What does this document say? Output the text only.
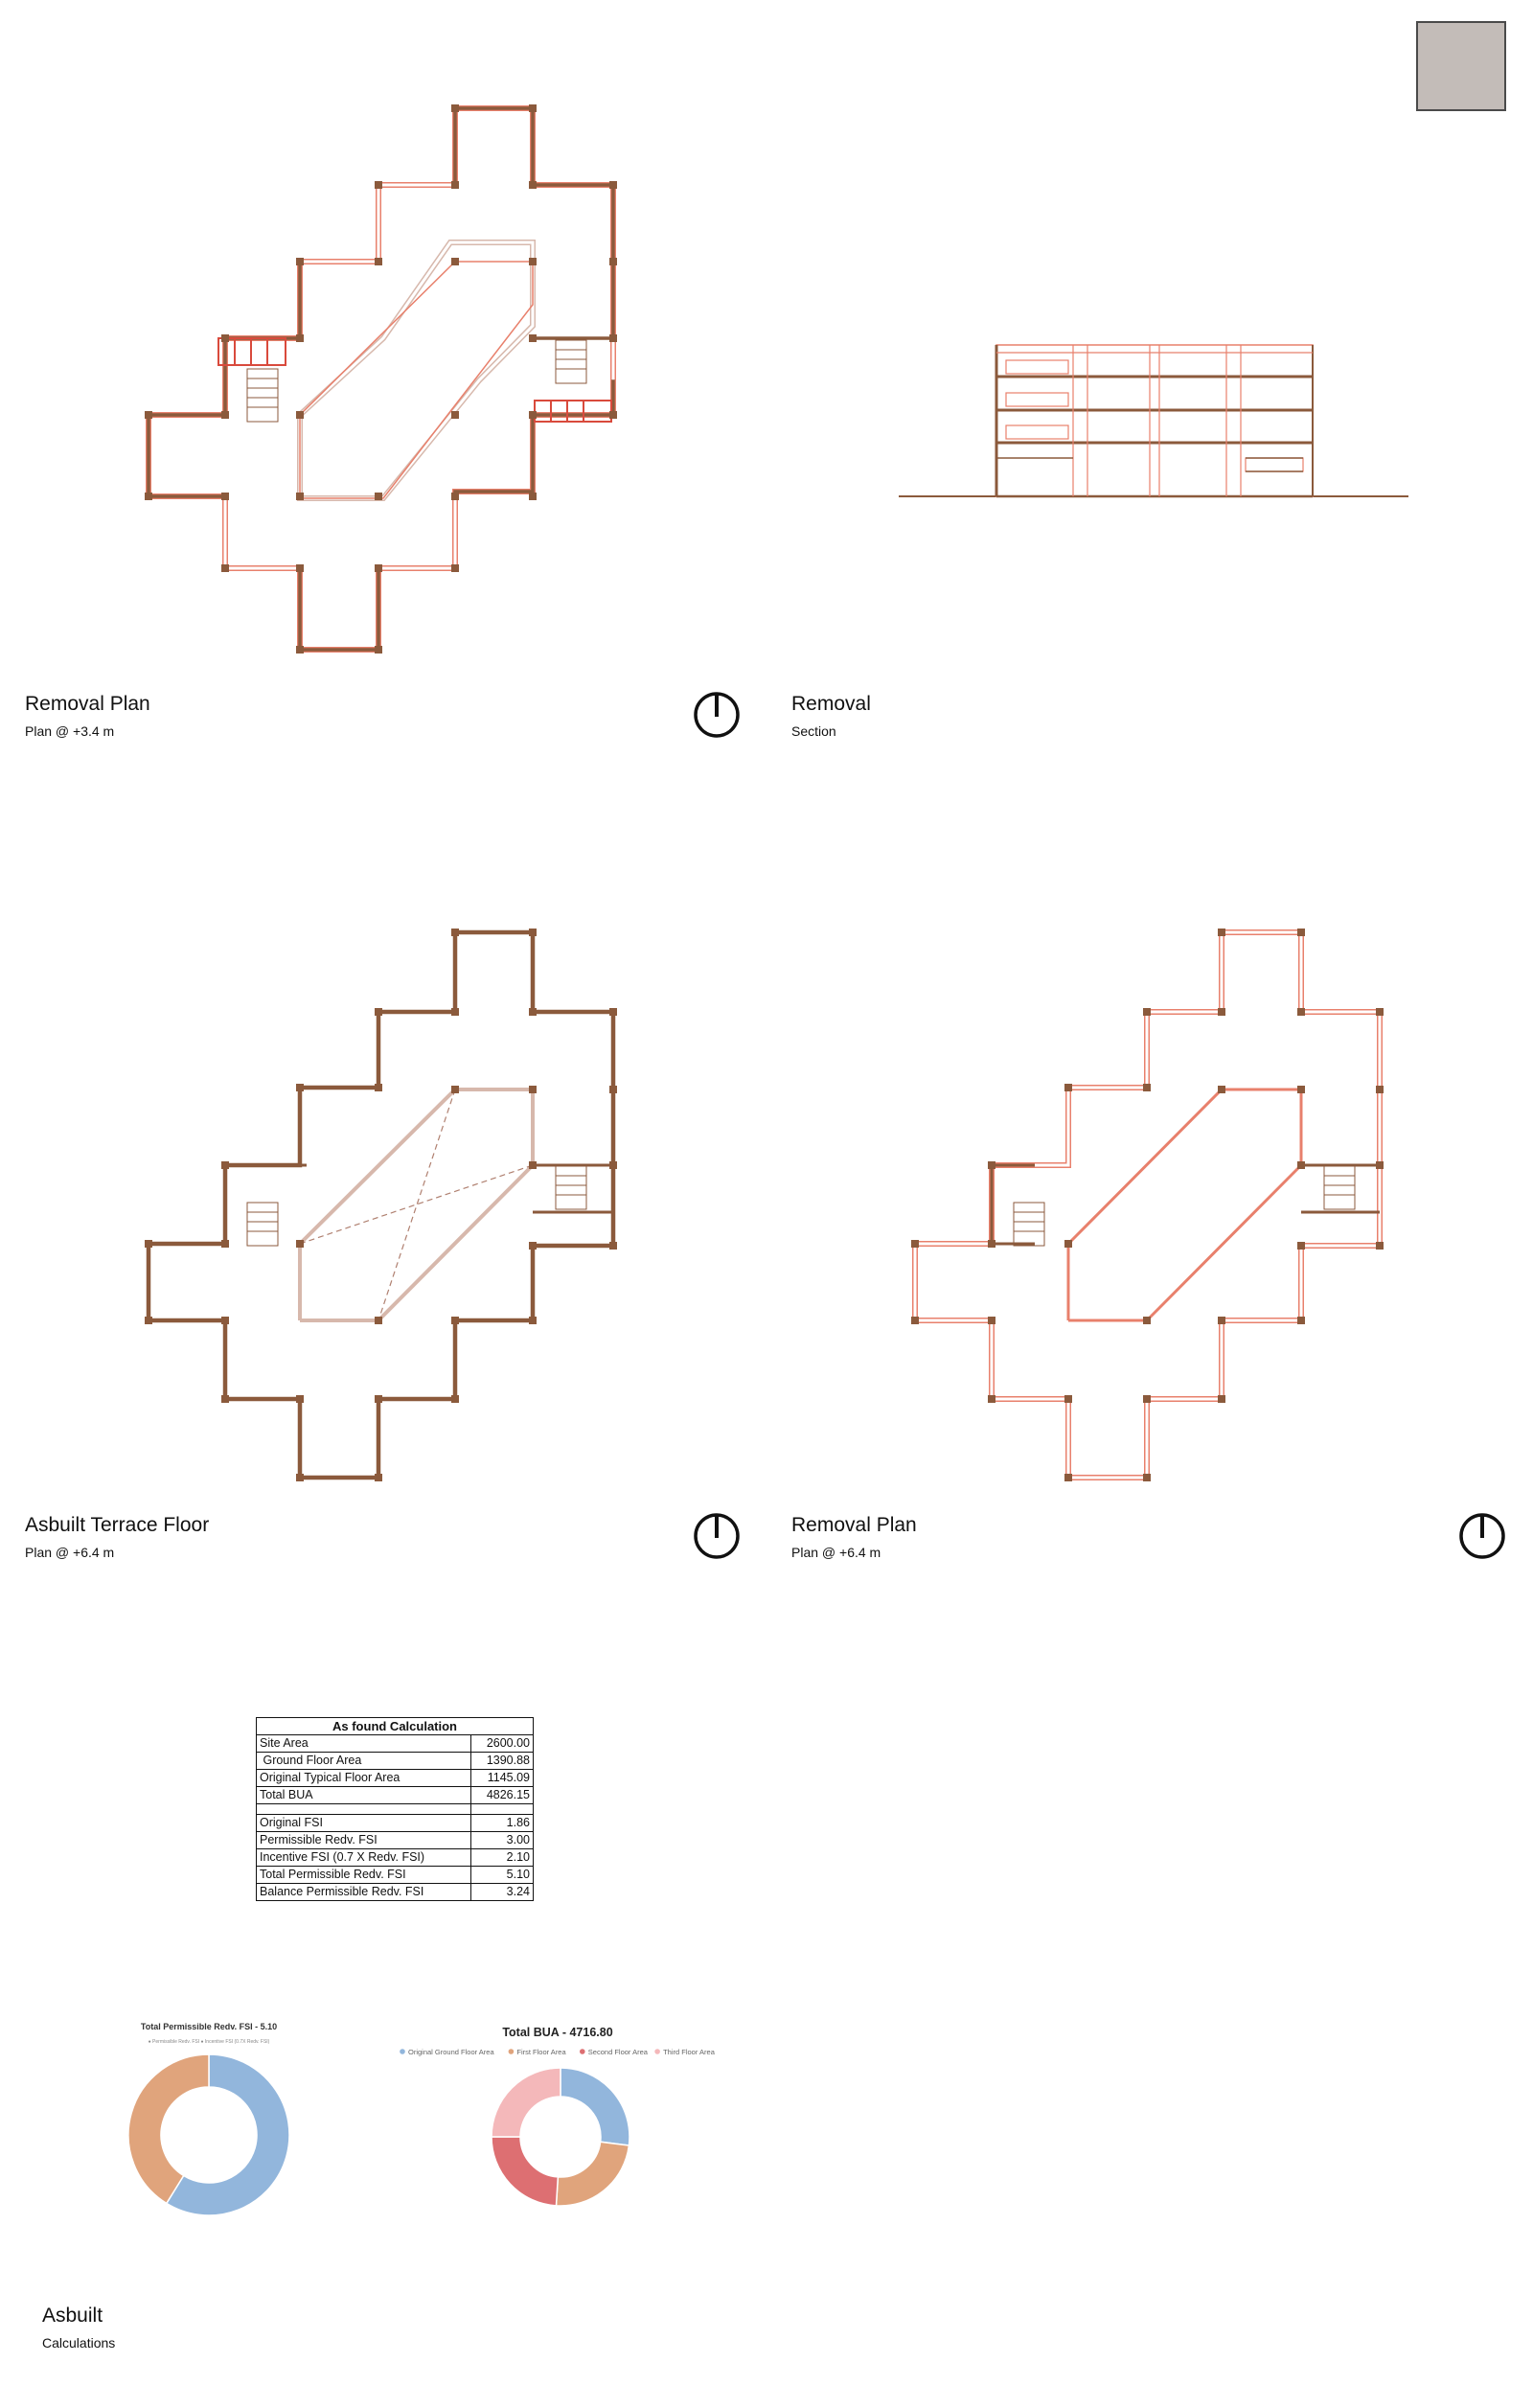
Removal Plan
Plan @ +3.4 m
Removal
Section
Asbuilt Terrace Floor
Plan @ +6.4 m
Removal Plan
Plan @ +6.4 m
As found Calculation	
Site Area	2600.00
Ground Floor Area	1390.88
Original Typical Floor Area	1145.09
Total BUA	4826.15

Original FSI	1.86
Permissible Redv. FSI	3.00
Incentive FSI (0.7 X Redv. FSI)	2.10
Total Permissible Redv. FSI	5.10
Balance Permissible Redv. FSI	3.24
Total Permissible Redv. FSI - 5.10
● Permissible Redv. FSI ● Incentive FSI (0.7X Redv. FSI)
Total BUA - 4716.80
Original Ground Floor Area	First Floor Area	Second Floor Area Third Floor Area
Asbuilt
Calculations
